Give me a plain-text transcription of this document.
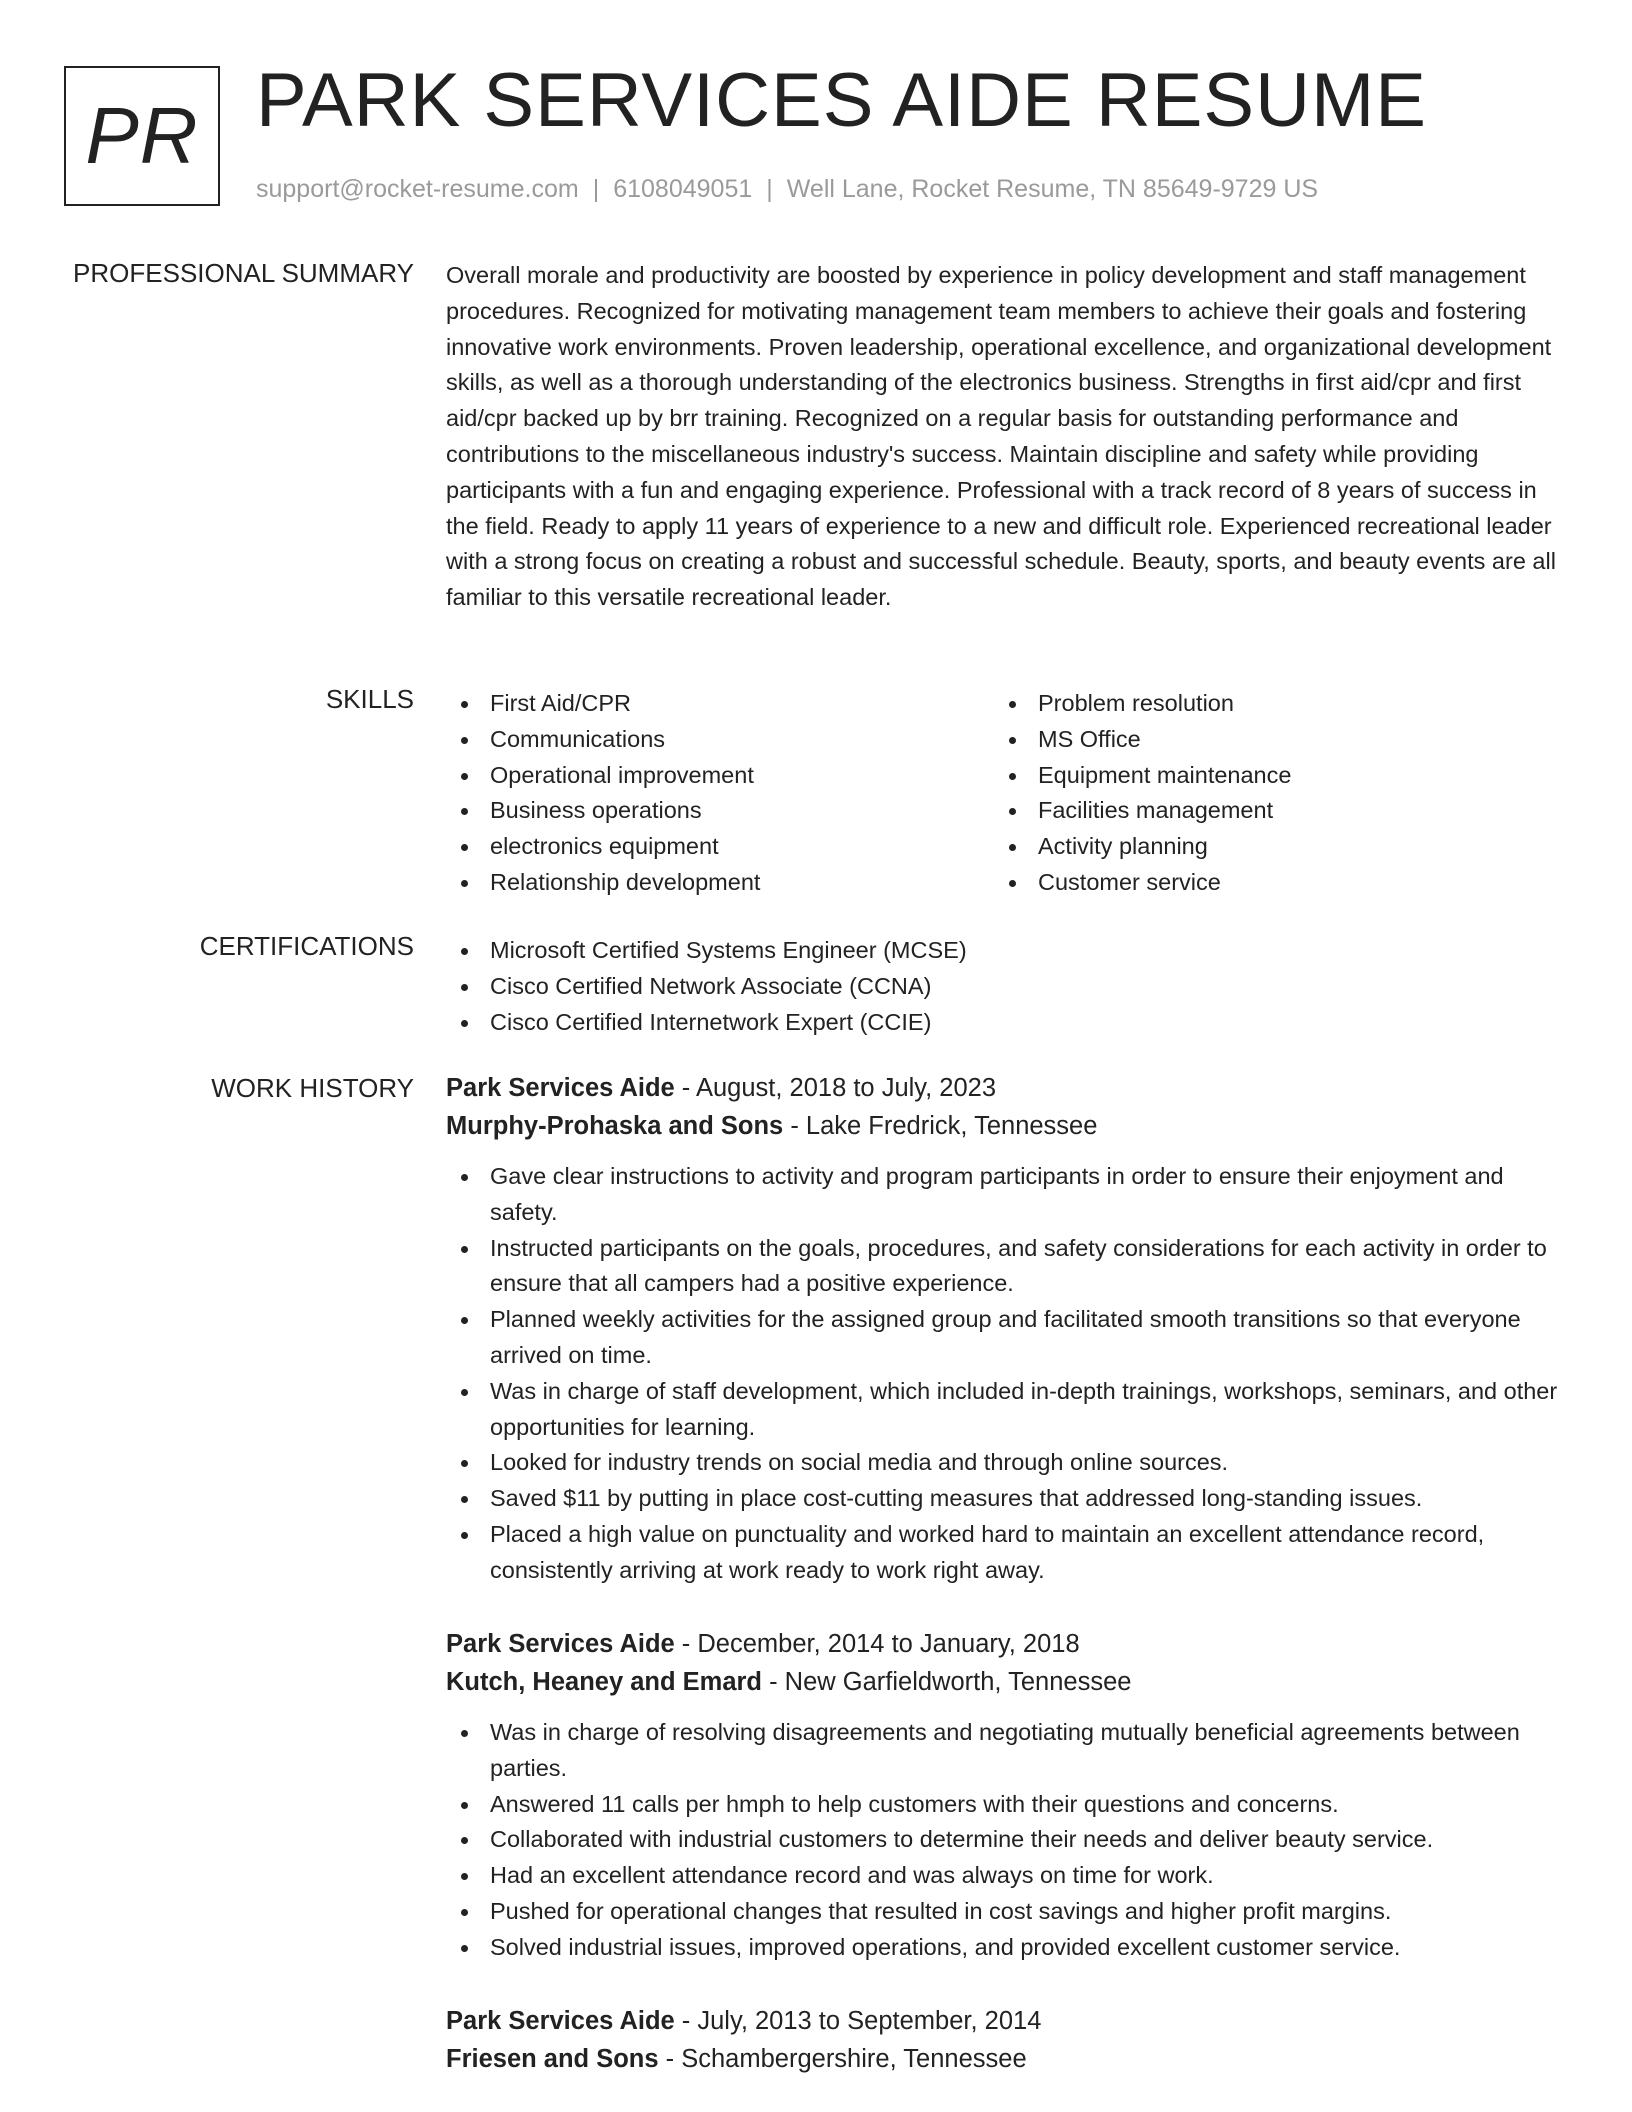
PR PARK SERVICES AIDE RESUME
support@rocket-resume.com | 6108049051 | Well Lane, Rocket Resume, TN 85649-9729 US
PROFESSIONAL SUMMARY Overall morale and productivity are boosted by experience in policy development and staff management procedures. Recognized for motivating management team members to achieve their goals and fostering innovative work environments. Proven leadership, operational excellence, and organizational development skills, as well as a thorough understanding of the electronics business. Strengths in first aid/cpr and first aid/cpr backed up by brr training. Recognized on a regular basis for outstanding performance and contributions to the miscellaneous industry's success. Maintain discipline and safety while providing participants with a fun and engaging experience. Professional with a track record of 8 years of success in the field. Ready to apply 11 years of experience to a new and difficult role. Experienced recreational leader with a strong focus on creating a robust and successful schedule. Beauty, sports, and beauty events are all familiar to this versatile recreational leader.
SKILLS	First Aid/CPR
Communications
Operational improvement
Business operations
electronics equipment
Relationship development
Problem resolution
MS Office
Equipment maintenance
Facilities management
Activity planning
Customer service
CERTIFICATIONS	Microsoft Certified Systems Engineer (MCSE)
Cisco Certified Network Associate (CCNA)
Cisco Certified Internetwork Expert (CCIE)
WORK HISTORY Park Services Aide - August, 2018 to July, 2023
Murphy-Prohaska and Sons - Lake Fredrick, Tennessee
Gave clear instructions to activity and program participants in order to ensure their enjoyment and safety.
Instructed participants on the goals, procedures, and safety considerations for each activity in order to ensure that all campers had a positive experience.
Planned weekly activities for the assigned group and facilitated smooth transitions so that everyone arrived on time.
Was in charge of staff development, which included in-depth trainings, workshops, seminars, and other opportunities for learning.
Looked for industry trends on social media and through online sources.
Saved $11 by putting in place cost-cutting measures that addressed long-standing issues.
Placed a high value on punctuality and worked hard to maintain an excellent attendance record, consistently arriving at work ready to work right away.
Park Services Aide - December, 2014 to January, 2018
Kutch, Heaney and Emard - New Garfieldworth, Tennessee
Was in charge of resolving disagreements and negotiating mutually beneficial agreements between parties.
Answered 11 calls per hmph to help customers with their questions and concerns.
Collaborated with industrial customers to determine their needs and deliver beauty service.
Had an excellent attendance record and was always on time for work.
Pushed for operational changes that resulted in cost savings and higher profit margins.
Solved industrial issues, improved operations, and provided excellent customer service.
Park Services Aide - July, 2013 to September, 2014
Friesen and Sons - Schambergershire, Tennessee
